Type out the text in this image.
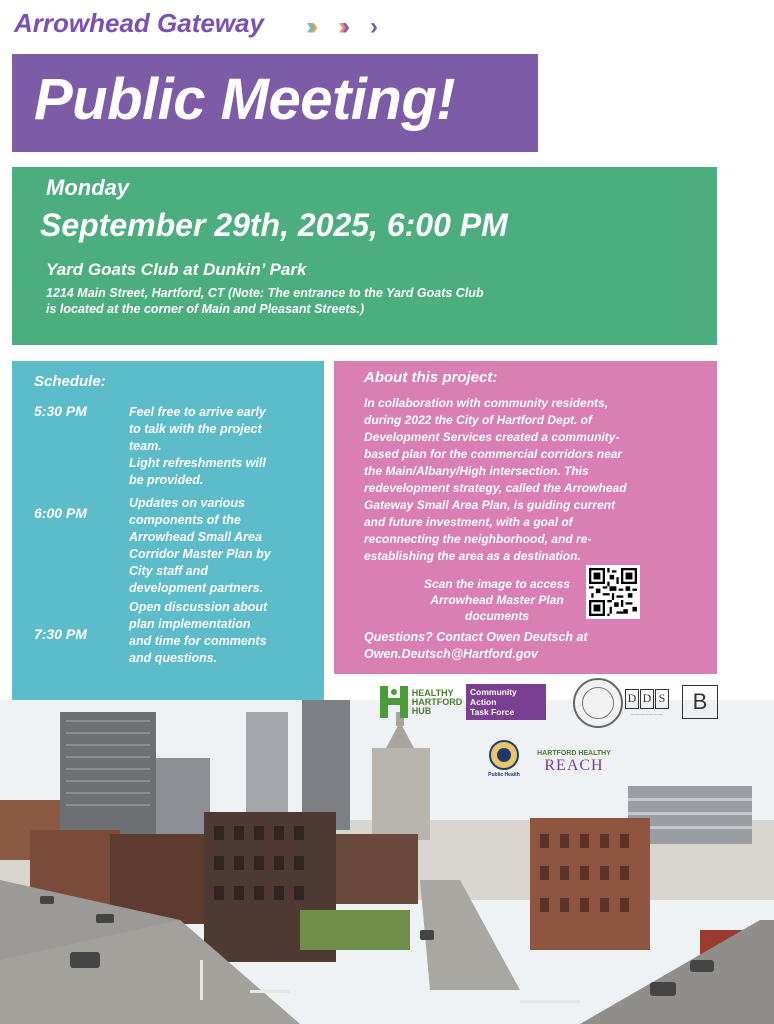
Arrowhead Gateway ››› ››› ›
Public Meeting!
Monday
September 29th, 2025, 6:00 PM
Yard Goats Club at Dunkin’ Park
1214 Main Street, Hartford, CT (Note: The entrance to the Yard Goats Club is located at the corner of Main and Pleasant Streets.)
Schedule:
5:30 PM	Feel free to arrive early
to talk with the project
team.
Light refreshments will
be provided.
6:00 PM
Updates on various
components of the
Arrowhead Small Area
Corridor Master Plan by
City staff and
development partners.
7:30 PM
Open discussion about
plan implementation
and time for comments
and questions.
About this project:
In collaboration with community residents,
during 2022 the City of Hartford Dept. of
Development Services created a community-
based plan for the commercial corridors near
the Main/Albany/High intersection. This
redevelopment strategy, called the Arrowhead
Gateway Small Area Plan, is guiding current
and future investment, with a goal of
reconnecting the neighborhood, and re-
establishing the area as a destination.
Scan the image to access
Arrowhead Master Plan
documents
Questions? Contact Owen Deutsch at
Owen.Deutsch@Hartford.gov
HEALTHY
HARTFORD
HUB
Community Action
Task Force
D D S
———————	B
Public Health
HARTFORD HEALTHY
REACH
